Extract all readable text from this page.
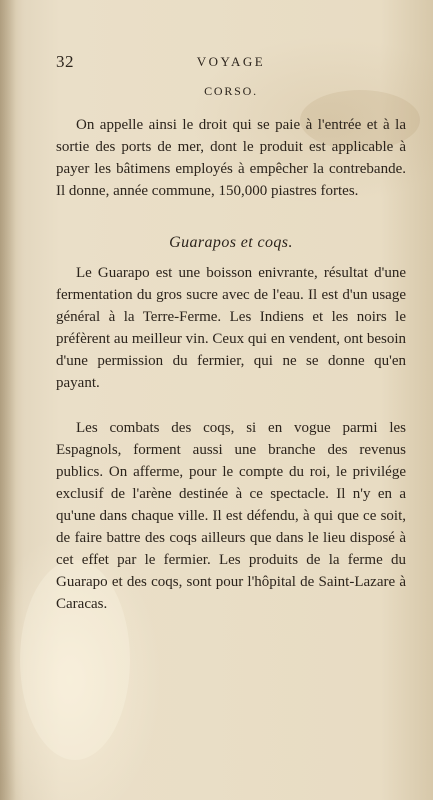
32	VOYAGE
CORSO.

On appelle ainsi le droit qui se paie à l'entrée et à la sortie des ports de mer, dont le produit est applicable à payer les bâtimens employés à empêcher la contrebande. Il donne, année commune, 150,000 piastres fortes.

Guarapos et coqs.

Le Guarapo est une boisson enivrante, résultat d'une fermentation du gros sucre avec de l'eau. Il est d'un usage général à la Terre-Ferme. Les Indiens et les noirs le préfèrent au meilleur vin. Ceux qui en vendent, ont besoin d'une permission du fermier, qui ne se donne qu'en payant.

Les combats des coqs, si en vogue parmi les Espagnols, forment aussi une branche des revenus publics. On afferme, pour le compte du roi, le privilége exclusif de l'arène destinée à ce spectacle. Il n'y en a qu'une dans chaque ville. Il est défendu, à qui que ce soit, de faire battre des coqs ailleurs que dans le lieu disposé à cet effet par le fermier. Les produits de la ferme du Guarapo et des coqs, sont pour l'hôpital de Saint-Lazare à Caracas.
